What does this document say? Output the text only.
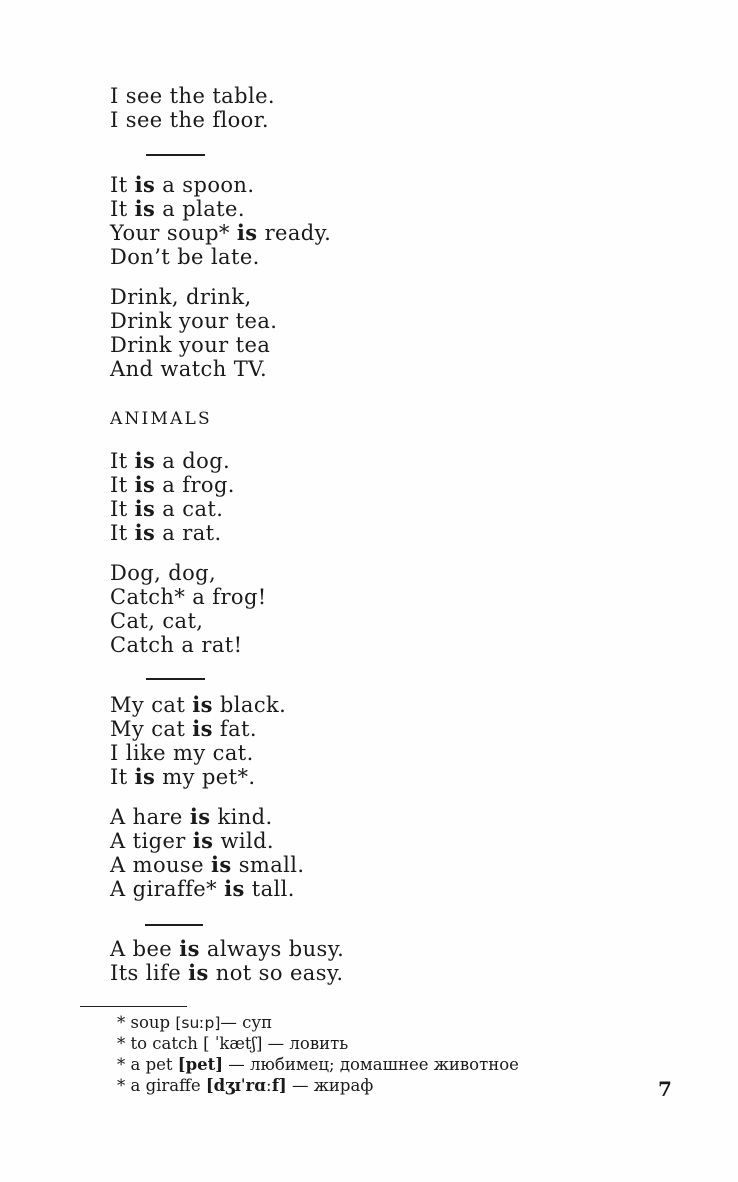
I see the table.
I see the floor.
It is a spoon.
It is a plate.
Your soup* is ready.
Don’t be late.
Drink, drink,
Drink your tea.
Drink your tea
And watch TV.
ANIMALS
It is a dog.
It is a frog.
It is a cat.
It is a rat.
Dog, dog,
Catch* a frog!
Cat, cat,
Catch a rat!
My cat is black.
My cat is fat.
I like my cat.
It is my pet*.
A hare is kind.
A tiger is wild.
A mouse is small.
A giraffe* is tall.
A bee is always busy.
Its life is not so easy.
* soup [suːp]— суп
* to catch [ ˈkætʃ] — ловить
* a pet [pet] — любимец; домашнее животное
* a giraffe [dʒɪˈrɑːf] — жираф	7
